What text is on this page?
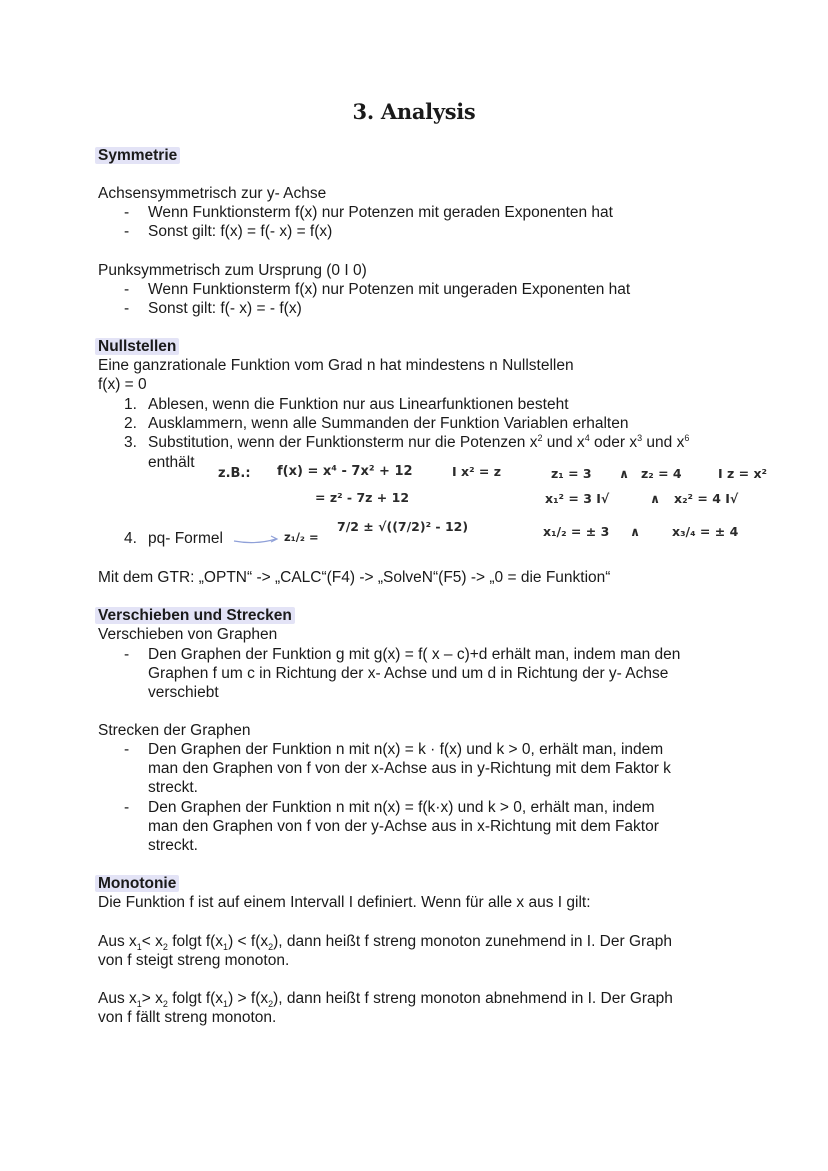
3. Analysis
Symmetrie
Achsensymmetrisch zur y- Achse
- Wenn Funktionsterm f(x) nur Potenzen mit geraden Exponenten hat
- Sonst gilt: f(x) = f(- x) = f(x)
Punksymmetrisch zum Ursprung (0 I 0)
- Wenn Funktionsterm f(x) nur Potenzen mit ungeraden Exponenten hat
- Sonst gilt: f(- x) = - f(x)
Nullstellen
Eine ganzrationale Funktion vom Grad n hat mindestens n Nullstellen
f(x) = 0
1. Ablesen, wenn die Funktion nur aus Linearfunktionen besteht
2. Ausklammern, wenn alle Summanden der Funktion Variablen erhalten
3. Substitution, wenn der Funktionsterm nur die Potenzen $x^2$ und $x^4$ oder $x^3$ und $x^6$
enthält
z.B.: f(x) = x⁴ - 7x² + 12	I x² = z	z₁ = 3 ∧ z₂ = 4	I z = x²
= z² - 7z + 12	x₁² = 3 I√	∧ x₂² = 4 I√
4. pq- Formel	z₁/₂ =
7/2 ± √((7/2)² - 12)	x₁/₂ = ± 3 ∧	x₃/₄ = ± 4
Mit dem GTR: „OPTN“ -> „CALC“(F4) -> „SolveN“(F5) -> „0 = die Funktion“
Verschieben und Strecken
Verschieben von Graphen
- Den Graphen der Funktion g mit g(x) = f( x – c)+d erhält man, indem man den
Graphen f um c in Richtung der x- Achse und um d in Richtung der y- Achse
verschiebt
Strecken der Graphen
- Den Graphen der Funktion n mit n(x) = k · f(x) und k > 0, erhält man, indem
man den Graphen von f von der x-Achse aus in y-Richtung mit dem Faktor k
streckt.
- Den Graphen der Funktion n mit n(x) = f(k·x) und k > 0, erhält man, indem
man den Graphen von f von der y-Achse aus in x-Richtung mit dem Faktor
streckt.
Monotonie
Die Funktion f ist auf einem Intervall I definiert. Wenn für alle x aus I gilt:
Aus $x_1< x_2$ folgt $f(x_1) < f(x_2)$, dann heißt f streng monoton zunehmend in I. Der Graph
von f steigt streng monoton.
Aus $x_1> x_2$ folgt $f(x_1) > f(x_2)$, dann heißt f streng monoton abnehmend in I. Der Graph
von f fällt streng monoton.
